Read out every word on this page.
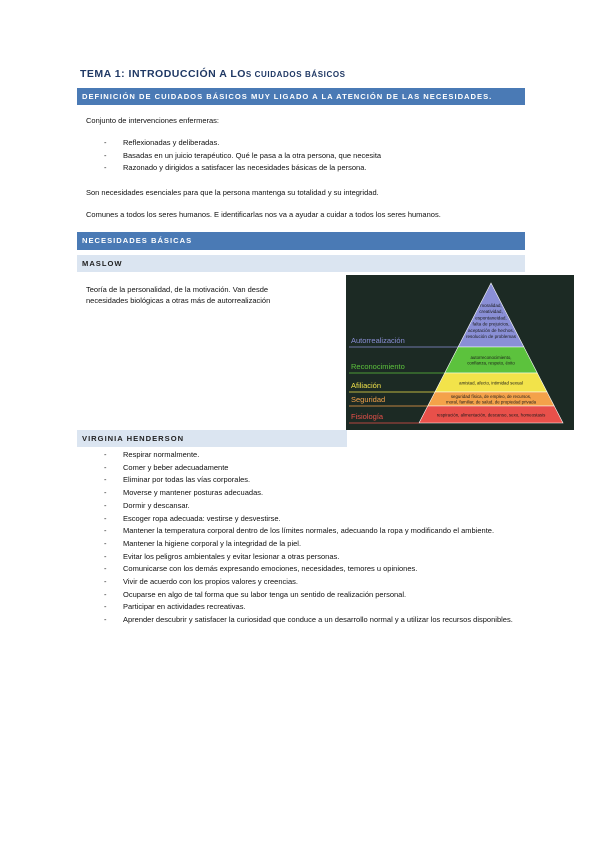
TEMA 1: INTRODUCCIÓN A LOS CUIDADOS BÁSICOS
DEFINICIÓN DE CUIDADOS BÁSICOS MUY LIGADO A LA ATENCIÓN DE LAS NECESIDADES.
Conjunto de intervenciones enfermeras:
- Reflexionadas y deliberadas.
- Basadas en un juicio terapéutico. Qué le pasa a la otra persona, que necesita
- Razonado y dirigidos a satisfacer las necesidades básicas de la persona.
Son necesidades esenciales para que la persona mantenga su totalidad y su integridad.
Comunes a todos los seres humanos. E identificarlas nos va a ayudar a cuidar a todos los seres humanos.
NECESIDADES BÁSICAS
MASLOW
Teoría de la personalidad, de la motivación. Van desde
necesidades biológicas a otras más de autorrealización
Autorrealización
moralidad,
creatividad,
espontaneidad,
falta de prejuicios,
aceptación de hechos,
resolución de problemas
Reconocimiento
autorreconocimiento,
confianza, respeto, éxito
Afiliación	amistad, afecto, intimidad sexual
Seguridad	seguridad física, de empleo, de recursos,
moral, familiar, de salud, de propiedad privada
Fisiología	respiración, alimentación, descanso, sexo, homeostasis
VIRGINIA HENDERSON
- Respirar normalmente.
- Comer y beber adecuadamente
- Eliminar por todas las vías corporales.
- Moverse y mantener posturas adecuadas.
- Dormir y descansar.
- Escoger ropa adecuada: vestirse y desvestirse.
- Mantener la temperatura corporal dentro de los límites normales, adecuando la ropa y modificando el ambiente.
- Mantener la higiene corporal y la integridad de la piel.
- Evitar los peligros ambientales y evitar lesionar a otras personas.
- Comunicarse con los demás expresando emociones, necesidades, temores u opiniones.
- Vivir de acuerdo con los propios valores y creencias.
- Ocuparse en algo de tal forma que su labor tenga un sentido de realización personal.
- Participar en actividades recreativas.
- Aprender descubrir y satisfacer la curiosidad que conduce a un desarrollo normal y a utilizar los recursos disponibles.
